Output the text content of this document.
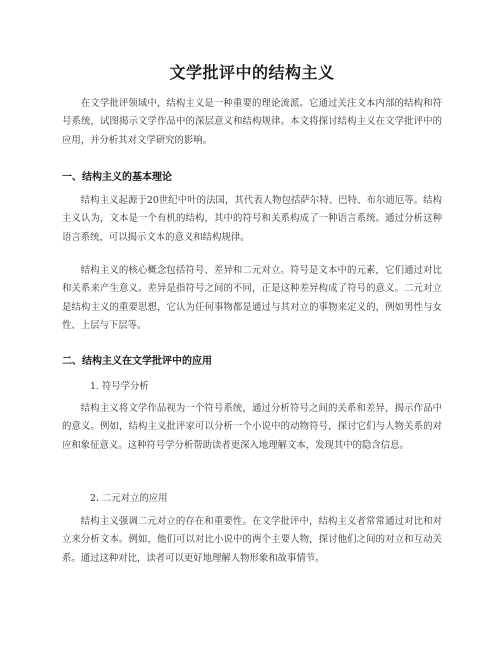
文学批评中的结构主义

在文学批评领域中，结构主义是一种重要的理论流派。它通过关注文本内部的结构和符号系统，试图揭示文学作品中的深层意义和结构规律。本文将探讨结构主义在文学批评中的应用，并分析其对文学研究的影响。

一、结构主义的基本理论

结构主义起源于20世纪中叶的法国，其代表人物包括萨尔特、巴特、布尔迪厄等。结构主义认为，文本是一个有机的结构，其中的符号和关系构成了一种语言系统。通过分析这种语言系统，可以揭示文本的意义和结构规律。

结构主义的核心概念包括符号、差异和二元对立。符号是文本中的元素，它们通过对比和关系来产生意义。差异是指符号之间的不同，正是这种差异构成了符号的意义。二元对立是结构主义的重要思想，它认为任何事物都是通过与其对立的事物来定义的，例如男性与女性、上层与下层等。

二、结构主义在文学批评中的应用
1. 符号学分析

结构主义将文学作品视为一个符号系统，通过分析符号之间的关系和差异，揭示作品中的意义。例如，结构主义批评家可以分析一个小说中的动物符号，探讨它们与人物关系的对应和象征意义。这种符号学分析帮助读者更深入地理解文本，发现其中的隐含信息。

2. 二元对立的应用

结构主义强调二元对立的存在和重要性。在文学批评中，结构主义者常常通过对比和对立来分析文本。例如，他们可以对比小说中的两个主要人物，探讨他们之间的对立和互动关系。通过这种对比，读者可以更好地理解人物形象和故事情节。
